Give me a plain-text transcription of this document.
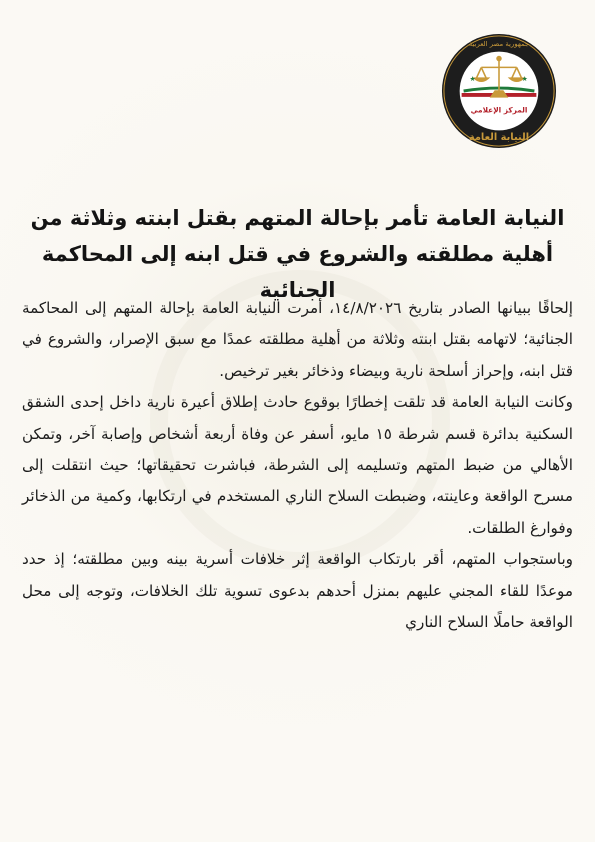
★	★
جمهورية مصر العربية
المركز الإعلامي
النيابة العامة
النيابة العامة تأمر بإحالة المتهم بقتل ابنته وثلاثة من أهلية مطلقته والشروع في قتل ابنه إلى المحاكمة الجنائية

إلحاقًا ببيانها الصادر بتاريخ ١٤/٨/٢٠٢٦، أمرت النيابة العامة بإحالة المتهم إلى المحاكمة الجنائية؛ لاتهامه بقتل ابنته وثلاثة من أهلية مطلقته عمدًا مع سبق الإصرار، والشروع في قتل ابنه، وإحراز أسلحة نارية وبيضاء وذخائر بغير ترخيص.

وكانت النيابة العامة قد تلقت إخطارًا بوقوع حادث إطلاق أعيرة نارية داخل إحدى الشقق السكنية بدائرة قسم شرطة ١٥ مايو، أسفر عن وفاة أربعة أشخاص وإصابة آخر، وتمكن الأهالي من ضبط المتهم وتسليمه إلى الشرطة، فباشرت تحقيقاتها؛ حيث انتقلت إلى مسرح الواقعة وعاينته، وضبطت السلاح الناري المستخدم في ارتكابها، وكمية من الذخائر وفوارغ الطلقات.

وباستجواب المتهم، أقر بارتكاب الواقعة إثر خلافات أسرية بينه وبين مطلقته؛ إذ حدد موعدًا للقاء المجني عليهم بمنزل أحدهم بدعوى تسوية تلك الخلافات، وتوجه إلى محل الواقعة حاملًا السلاح الناري
